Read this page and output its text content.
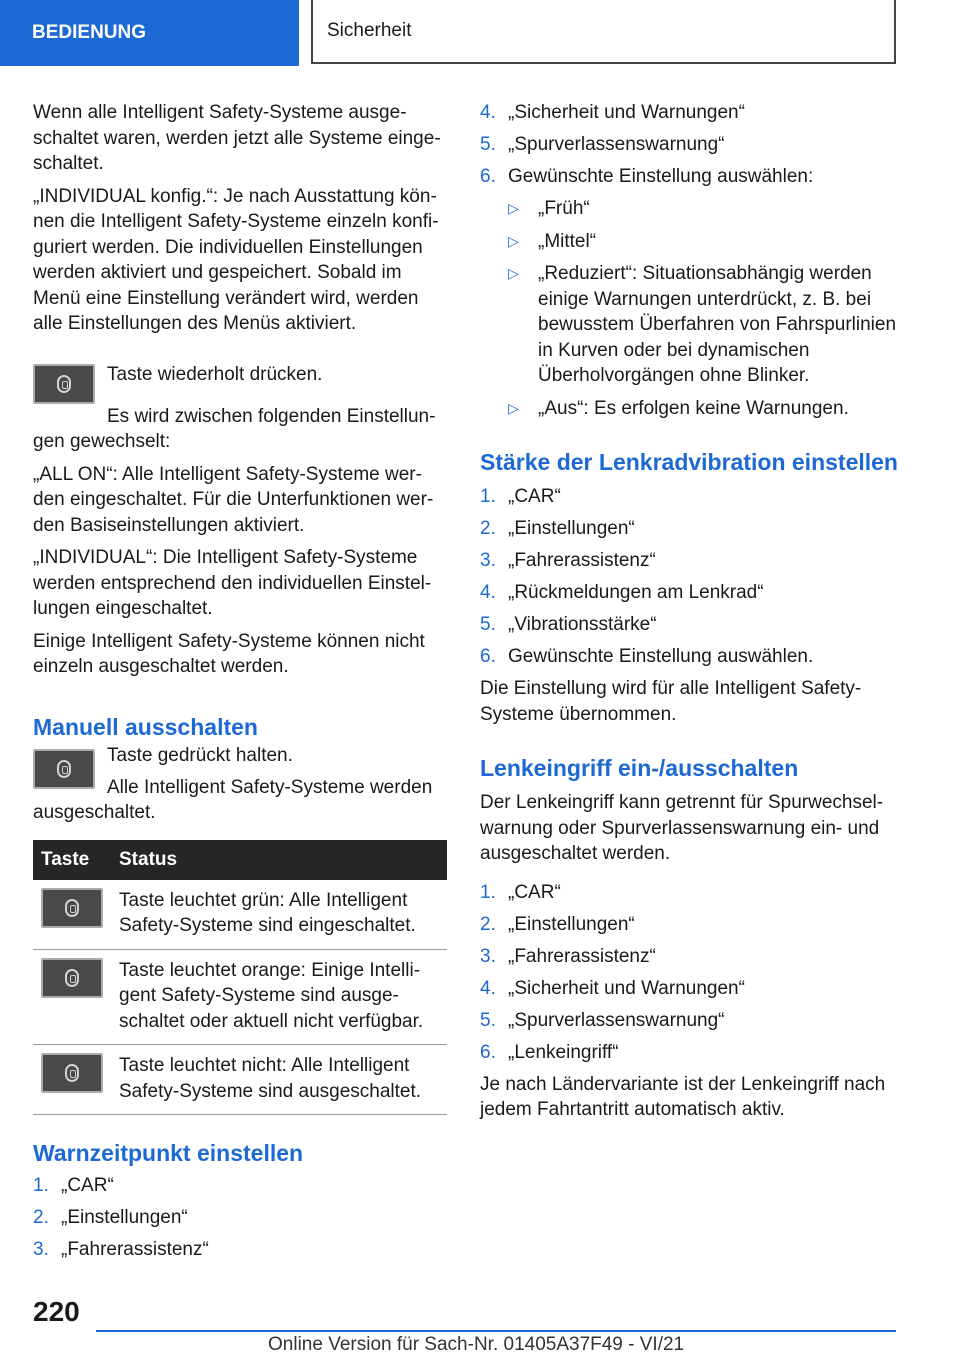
BEDIENUNG	Sicherheit

Wenn alle Intelligent Safety-Systeme ausgeschaltet waren, werden jetzt alle Systeme eingeschaltet.

„INDIVIDUAL konfig.“: Je nach Ausstattung können die Intelligent Safety-Systeme einzeln konfiguriert werden. Die individuellen Einstellungen werden aktiviert und gespeichert. Sobald im Menü eine Einstellung verändert wird, werden alle Einstellungen des Menüs aktiviert.

Taste wiederholt drücken.

Es wird zwischen folgenden Einstellungen gewechselt:

„ALL ON“: Alle Intelligent Safety-Systeme werden eingeschaltet. Für die Unterfunktionen werden Basiseinstellungen aktiviert.

„INDIVIDUAL“: Die Intelligent Safety-Systeme werden entsprechend den individuellen Einstellungen eingeschaltet.

Einige Intelligent Safety-Systeme können nicht einzeln ausgeschaltet werden.

Manuell ausschalten

Taste gedrückt halten.

Alle Intelligent Safety-Systeme werden ausgeschaltet.

Taste	Status

	Taste leuchtet grün: Alle Intelligent Safety-Systeme sind eingeschaltet.

	Taste leuchtet orange: Einige Intelligent Safety-Systeme sind ausgeschaltet oder aktuell nicht verfügbar.

	Taste leuchtet nicht: Alle Intelligent Safety-Systeme sind ausgeschaltet.
Warnzeitpunkt einstellen
1. „CAR“
2. „Einstellungen“
3. „Fahrerassistenz“
4. „Sicherheit und Warnungen“
5. „Spurverlassenswarnung“
6. Gewünschte Einstellung auswählen:
▷	„Früh“
▷	„Mittel“
▷	„Reduziert“: Situationsabhängig werden einige Warnungen unterdrückt, z. B. bei bewusstem Überfahren von Fahrspurlinien in Kurven oder bei dynamischen Überholvorgängen ohne Blinker.
▷	„Aus“: Es erfolgen keine Warnungen.
Stärke der Lenkradvibration einstellen
1. „CAR“
2. „Einstellungen“
3. „Fahrerassistenz“
4. „Rückmeldungen am Lenkrad“
5. „Vibrationsstärke“
6. Gewünschte Einstellung auswählen.

Die Einstellung wird für alle Intelligent Safety-Systeme übernommen.

Lenkeingriff ein-/ausschalten

Der Lenkeingriff kann getrennt für Spurwechselwarnung oder Spurverlassenswarnung ein- und ausgeschaltet werden.

1. „CAR“
2. „Einstellungen“
3. „Fahrerassistenz“
4. „Sicherheit und Warnungen“
5. „Spurverlassenswarnung“
6. „Lenkeingriff“

Je nach Ländervariante ist der Lenkeingriff nach jedem Fahrtantritt automatisch aktiv.

220
Online Version für Sach-Nr. 01405A37F49 - VI/21
